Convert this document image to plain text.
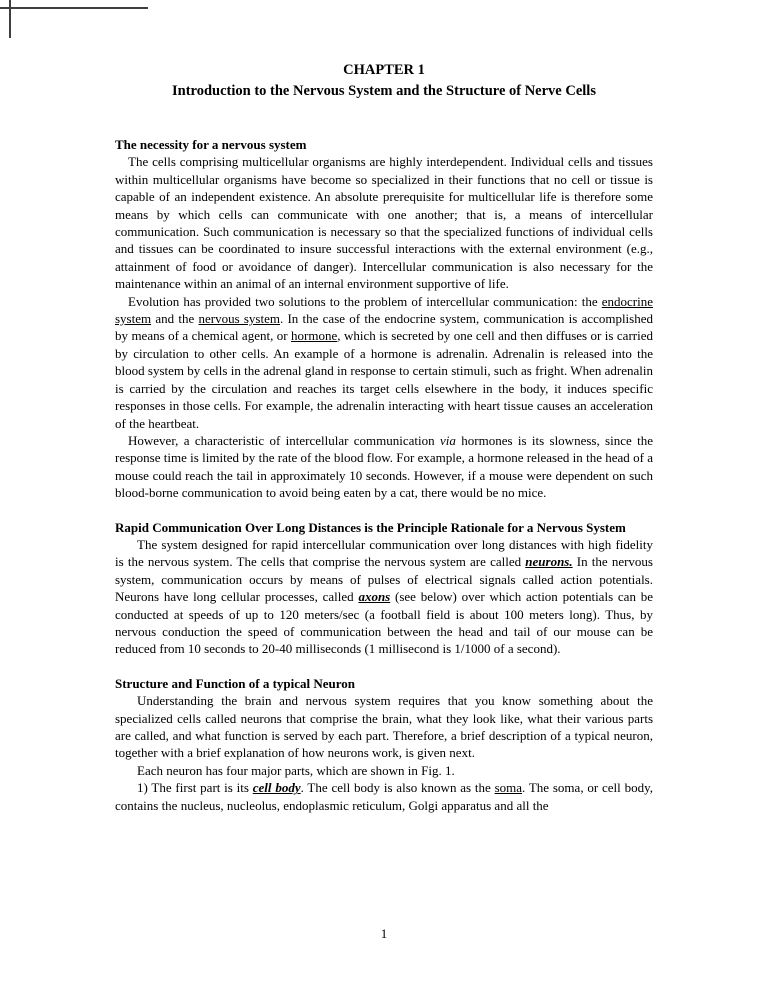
CHAPTER 1
Introduction to the Nervous System and the Structure of Nerve Cells
The necessity for a nervous system

The cells comprising multicellular organisms are highly interdependent. Individual cells and tissues within multicellular organisms have become so specialized in their functions that no cell or tissue is capable of an independent existence. An absolute prerequisite for multicellular life is therefore some means by which cells can communicate with one another; that is, a means of intercellular communication. Such communication is necessary so that the specialized functions of individual cells and tissues can be coordinated to insure successful interactions with the external environment (e.g., attainment of food or avoidance of danger). Intercellular communication is also necessary for the maintenance within an animal of an internal environment supportive of life.

Evolution has provided two solutions to the problem of intercellular communication: the endocrine system and the nervous system. In the case of the endocrine system, communication is accomplished by means of a chemical agent, or hormone, which is secreted by one cell and then diffuses or is carried by circulation to other cells. An example of a hormone is adrenalin. Adrenalin is released into the blood system by cells in the adrenal gland in response to certain stimuli, such as fright. When adrenalin is carried by the circulation and reaches its target cells elsewhere in the body, it induces specific responses in those cells. For example, the adrenalin interacting with heart tissue causes an acceleration of the heartbeat.

However, a characteristic of intercellular communication via hormones is its slowness, since the response time is limited by the rate of the blood flow. For example, a hormone released in the head of a mouse could reach the tail in approximately 10 seconds. However, if a mouse were dependent on such blood-borne communication to avoid being eaten by a cat, there would be no mice.

Rapid Communication Over Long Distances is the Principle Rationale for a Nervous System

The system designed for rapid intercellular communication over long distances with high fidelity is the nervous system. The cells that comprise the nervous system are called neurons. In the nervous system, communication occurs by means of pulses of electrical signals called action potentials. Neurons have long cellular processes, called axons (see below) over which action potentials can be conducted at speeds of up to 120 meters/sec (a football field is about 100 meters long). Thus, by nervous conduction the speed of communication between the head and tail of our mouse can be reduced from 10 seconds to 20-40 milliseconds (1 millisecond is 1/1000 of a second).

Structure and Function of a typical Neuron

Understanding the brain and nervous system requires that you know something about the specialized cells called neurons that comprise the brain, what they look like, what their various parts are called, and what function is served by each part. Therefore, a brief description of a typical neuron, together with a brief explanation of how neurons work, is given next.

Each neuron has four major parts, which are shown in Fig. 1.

1) The first part is its cell body. The cell body is also known as the soma. The soma, or cell body, contains the nucleus, nucleolus, endoplasmic reticulum, Golgi apparatus and all the

1
